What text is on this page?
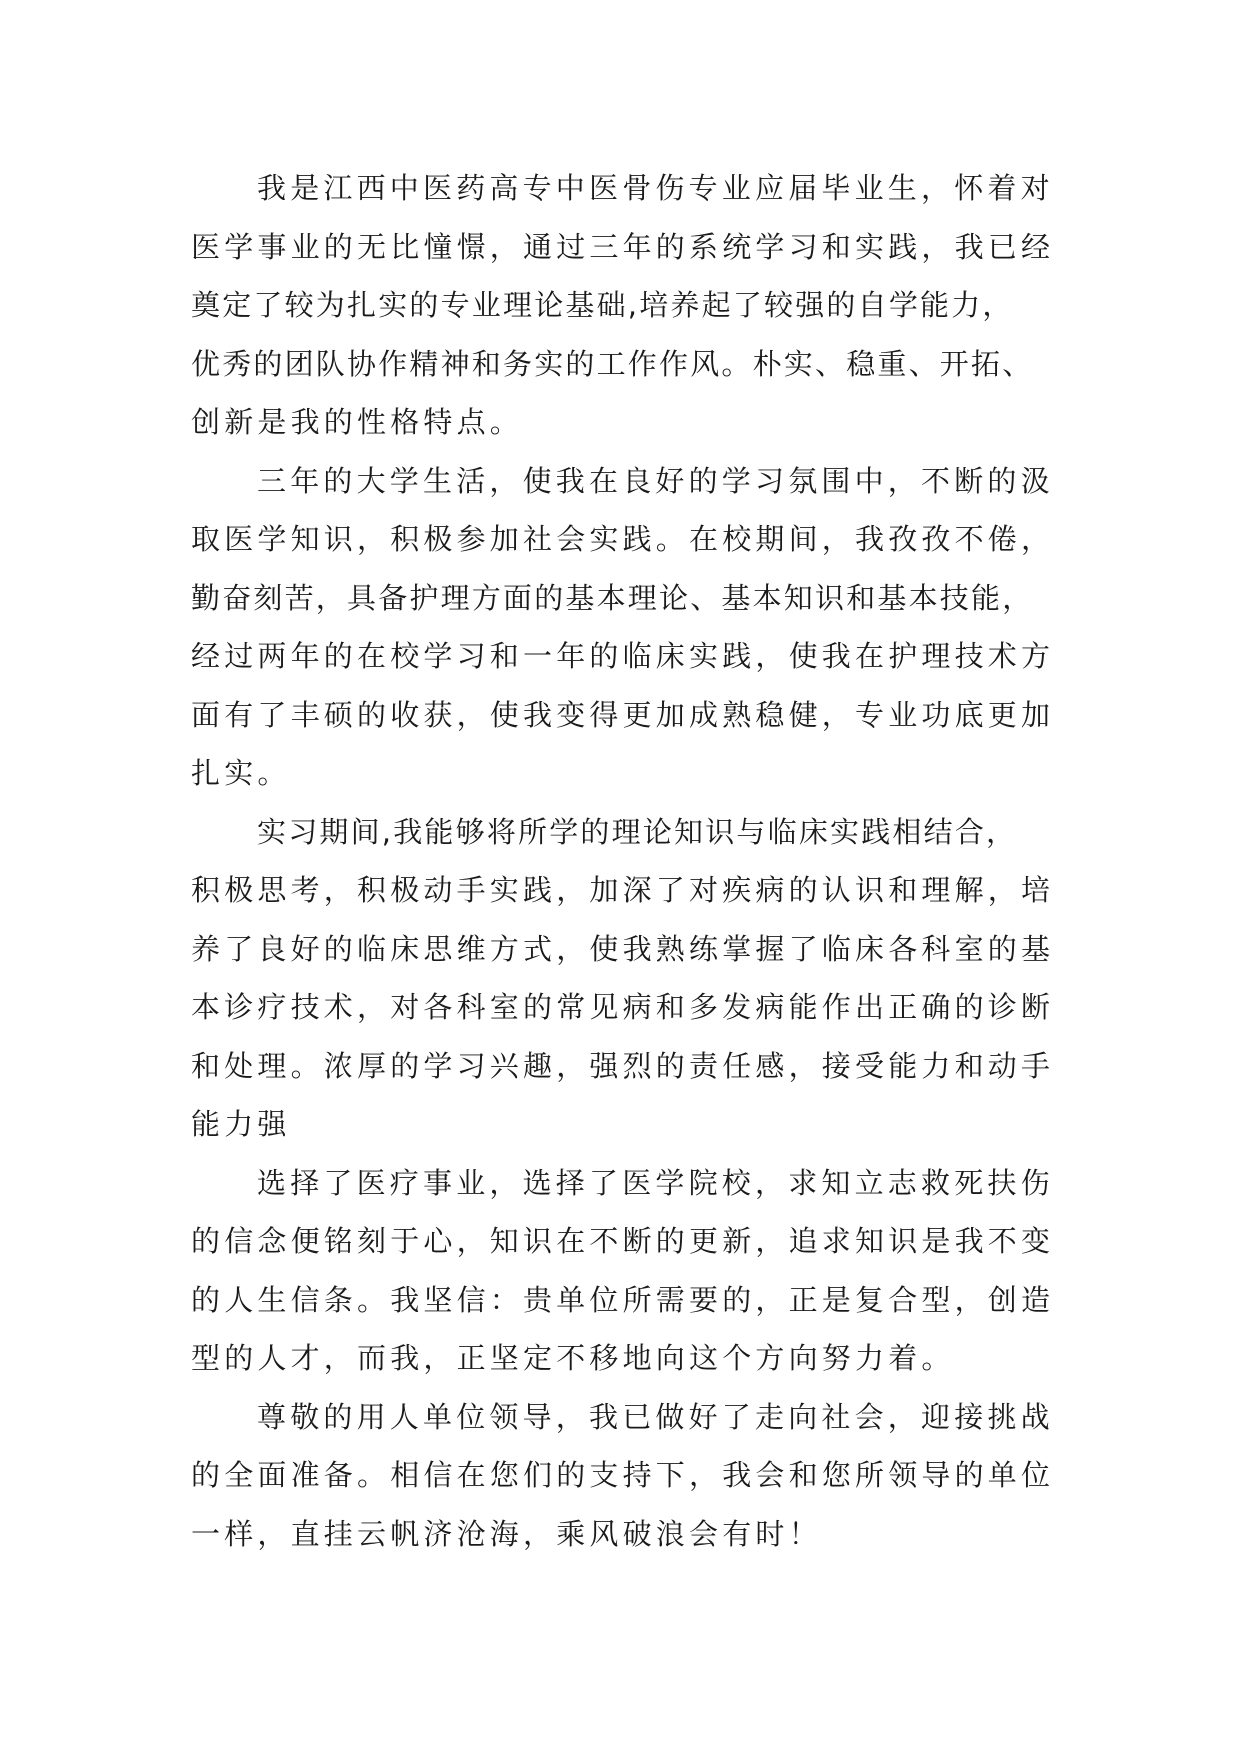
我是江西中医药高专中医骨伤专业应届毕业生，怀着对
医学事业的无比憧憬，通过三年的系统学习和实践，我已经
奠定了较为扎实的专业理论基础,培养起了较强的自学能力，
优秀的团队协作精神和务实的工作作风。朴实、稳重、开拓、
创新是我的性格特点。
三年的大学生活，使我在良好的学习氛围中，不断的汲
取医学知识，积极参加社会实践。在校期间，我孜孜不倦，
勤奋刻苦，具备护理方面的基本理论、基本知识和基本技能，
经过两年的在校学习和一年的临床实践，使我在护理技术方
面有了丰硕的收获，使我变得更加成熟稳健，专业功底更加
扎实。
实习期间,我能够将所学的理论知识与临床实践相结合，
积极思考，积极动手实践，加深了对疾病的认识和理解，培
养了良好的临床思维方式，使我熟练掌握了临床各科室的基
本诊疗技术，对各科室的常见病和多发病能作出正确的诊断
和处理。浓厚的学习兴趣，强烈的责任感，接受能力和动手
能力强
选择了医疗事业，选择了医学院校，求知立志救死扶伤
的信念便铭刻于心，知识在不断的更新，追求知识是我不变
的人生信条。我坚信：贵单位所需要的，正是复合型，创造
型的人才，而我，正坚定不移地向这个方向努力着。
尊敬的用人单位领导，我已做好了走向社会，迎接挑战
的全面准备。相信在您们的支持下，我会和您所领导的单位
一样，直挂云帆济沧海，乘风破浪会有时！
